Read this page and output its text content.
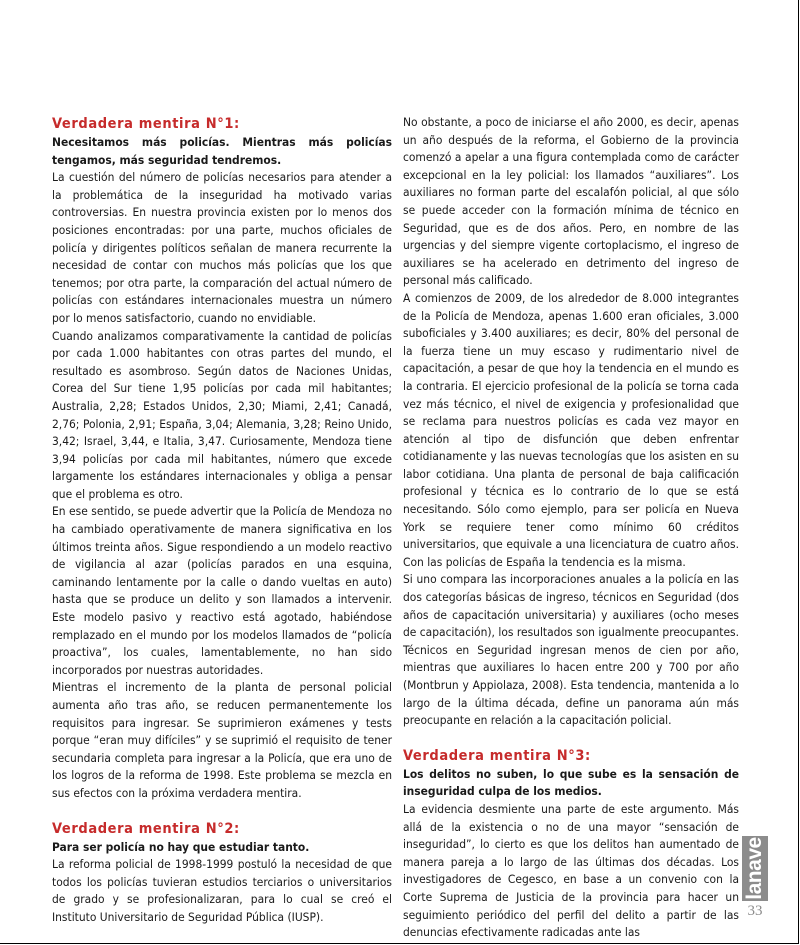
Verdadera mentira N°1:

Necesitamos más policías. Mientras más policías tengamos, más seguridad tendremos.

La cuestión del número de policías necesarios para atender a la problemática de la inseguridad ha motivado varias controversias. En nuestra provincia existen por lo menos dos posiciones encontradas: por una parte, muchos oficiales de policía y dirigentes políticos señalan de manera recurrente la necesidad de contar con muchos más policías que los que tenemos; por otra parte, la comparación del actual número de policías con estándares internacionales muestra un número por lo menos satisfactorio, cuando no envidiable.

Cuando analizamos comparativamente la cantidad de policías por cada 1.000 habitantes con otras partes del mundo, el resultado es asombroso. Según datos de Naciones Unidas, Corea del Sur tiene 1,95 policías por cada mil habitantes; Australia, 2,28; Estados Unidos, 2,30; Miami, 2,41; Canadá, 2,76; Polonia, 2,91; España, 3,04; Alemania, 3,28; Reino Unido, 3,42; Israel, 3,44, e Italia, 3,47. Curiosamente, Mendoza tiene 3,94 policías por cada mil habitantes, número que excede largamente los estándares internacionales y obliga a pensar que el problema es otro.

En ese sentido, se puede advertir que la Policía de Mendoza no ha cambiado operativamente de manera significativa en los últimos treinta años. Sigue respondiendo a un modelo reactivo de vigilancia al azar (policías parados en una esquina, caminando lentamente por la calle o dando vueltas en auto) hasta que se produce un delito y son llamados a intervenir. Este modelo pasivo y reactivo está agotado, habiéndose remplazado en el mundo por los modelos llamados de “policía proactiva”, los cuales, lamentablemente, no han sido incorporados por nuestras autoridades.

Mientras el incremento de la planta de personal policial aumenta año tras año, se reducen permanentemente los requisitos para ingresar. Se suprimieron exámenes y tests porque “eran muy difíciles” y se suprimió el requisito de tener secundaria completa para ingresar a la Policía, que era uno de los logros de la reforma de 1998. Este problema se mezcla en sus efectos con la próxima verdadera mentira.

Verdadera mentira N°2:

Para ser policía no hay que estudiar tanto.

La reforma policial de 1998-1999 postuló la necesidad de que todos los policías tuvieran estudios terciarios o universitarios de grado y se profesionalizaran, para lo cual se creó el Instituto Universitario de Seguridad Pública (IUSP).

No obstante, a poco de iniciarse el año 2000, es decir, apenas un año después de la reforma, el Gobierno de la provincia comenzó a apelar a una figura contemplada como de carácter excepcional en la ley policial: los llamados “auxiliares”. Los auxiliares no forman parte del escalafón policial, al que sólo se puede acceder con la formación mínima de técnico en Seguridad, que es de dos años. Pero, en nombre de las urgencias y del siempre vigente cortoplacismo, el ingreso de auxiliares se ha acelerado en detrimento del ingreso de personal más calificado.

A comienzos de 2009, de los alrededor de 8.000 integrantes de la Policía de Mendoza, apenas 1.600 eran oficiales, 3.000 suboficiales y 3.400 auxiliares; es decir, 80% del personal de la fuerza tiene un muy escaso y rudimentario nivel de capacitación, a pesar de que hoy la tendencia en el mundo es la contraria. El ejercicio profesional de la policía se torna cada vez más técnico, el nivel de exigencia y profesionalidad que se reclama para nuestros policías es cada vez mayor en atención al tipo de disfunción que deben enfrentar cotidianamente y las nuevas tecnologías que los asisten en su labor cotidiana. Una planta de personal de baja calificación profesional y técnica es lo contrario de lo que se está necesitando. Sólo como ejemplo, para ser policía en Nueva York se requiere tener como mínimo 60 créditos universitarios, que equivale a una licenciatura de cuatro años. Con las policías de España la tendencia es la misma.

Si uno compara las incorporaciones anuales a la policía en las dos categorías básicas de ingreso, técnicos en Seguridad (dos años de capacitación universitaria) y auxiliares (ocho meses de capacitación), los resultados son igualmente preocupantes. Técnicos en Seguridad ingresan menos de cien por año, mientras que auxiliares lo hacen entre 200 y 700 por año (Montbrun y Appiolaza, 2008). Esta tendencia, mantenida a lo largo de la última década, define un panorama aún más preocupante en relación a la capacitación policial.

Verdadera mentira N°3:

Los delitos no suben, lo que sube es la sensación de inseguridad culpa de los medios.

La evidencia desmiente una parte de este argumento. Más allá de la existencia o no de una mayor “sensación de inseguridad”, lo cierto es que los delitos han aumentado de manera pareja a lo largo de las últimas dos décadas. Los investigadores de Cegesco, en base a un convenio con la Corte Suprema de Justicia de la provincia para hacer un seguimiento periódico del perfil del delito a partir de las denuncias efectivamente radicadas ante las

lanave
33
